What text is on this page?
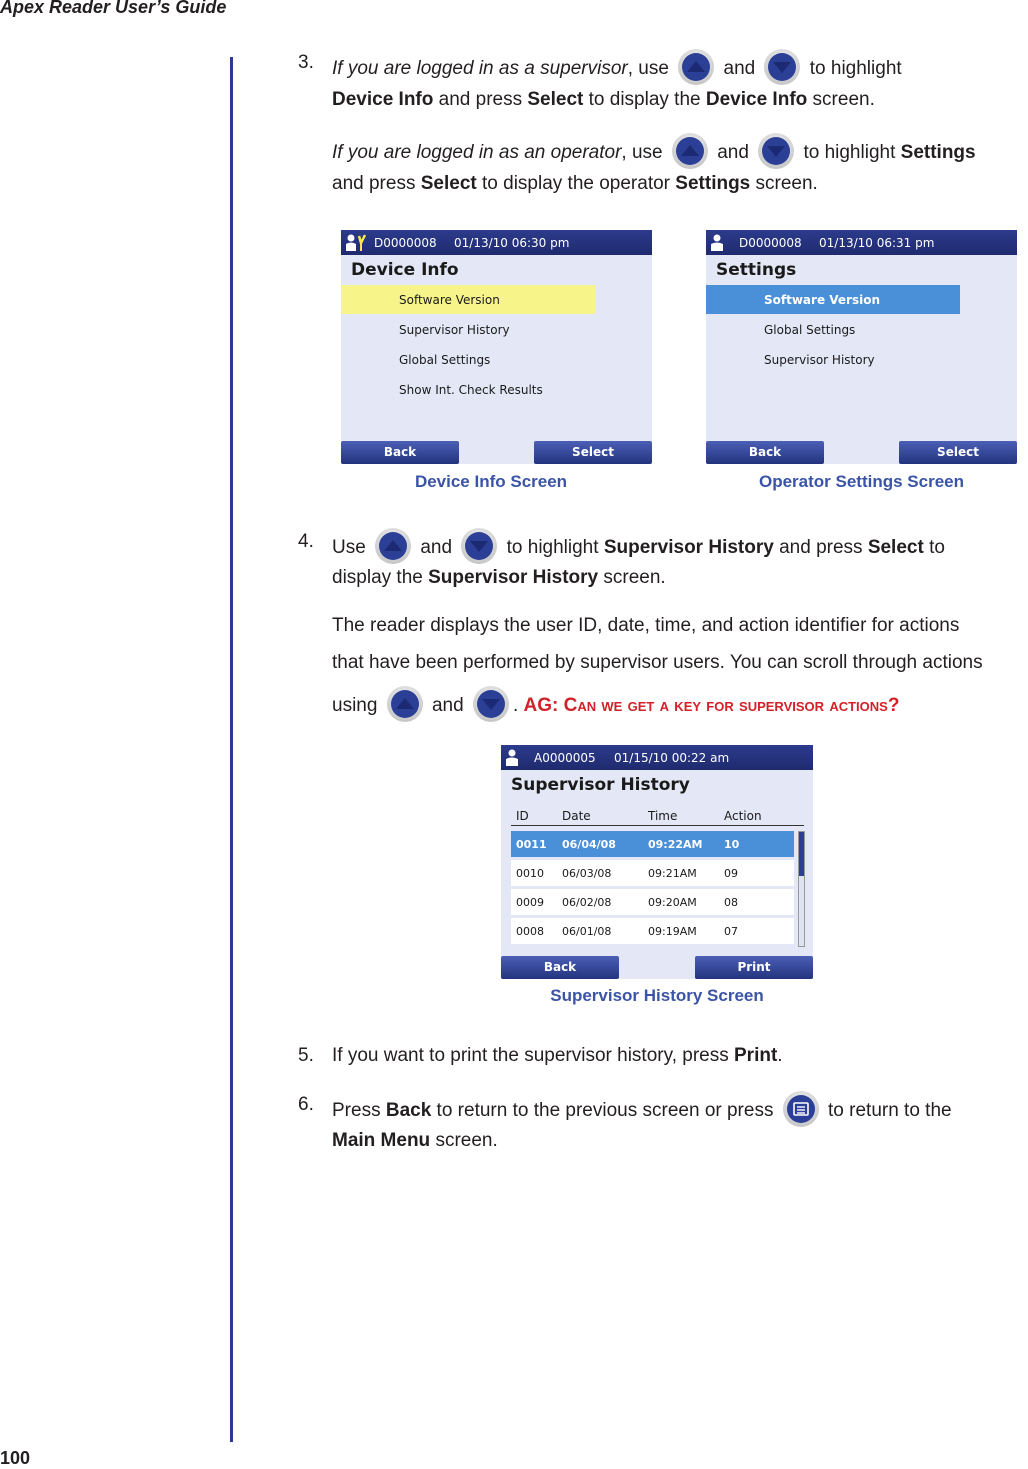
Apex Reader User’s Guide
3. If you are logged in as a supervisor, use	and	to highlight
Device Info and press Select to display the Device Info screen.
If you are logged in as an operator, use	and	to highlight Settings
and press Select to display the operator Settings screen.
D0000008 01/13/10 06:30 pm
Device Info
Software Version
Supervisor History
Global Settings
Show Int. Check Results
Back	Select
Device Info Screen
D0000008 01/13/10 06:31 pm
Settings
Software Version
Global Settings
Supervisor History
Back	Select
Operator Settings Screen
4. Use	and	to highlight Supervisor History and press Select to
display the Supervisor History screen.
The reader displays the user ID, date, time, and action identifier for actions
that have been performed by supervisor users. You can scroll through actions
using	and	. AG: Can we get a key for supervisor actions?
A0000005 01/15/10 00:22 am
Supervisor History
ID	Date	Time	Action
0011 06/04/08	09:22AM 10
0010 06/03/08	09:21AM 09
0009 06/02/08	09:20AM 08
0008 06/01/08	09:19AM 07
Back	Print
Supervisor History Screen
5. If you want to print the supervisor history, press Print.
6. Press Back to return to the previous screen or press	to return to the
Main Menu screen.
100
